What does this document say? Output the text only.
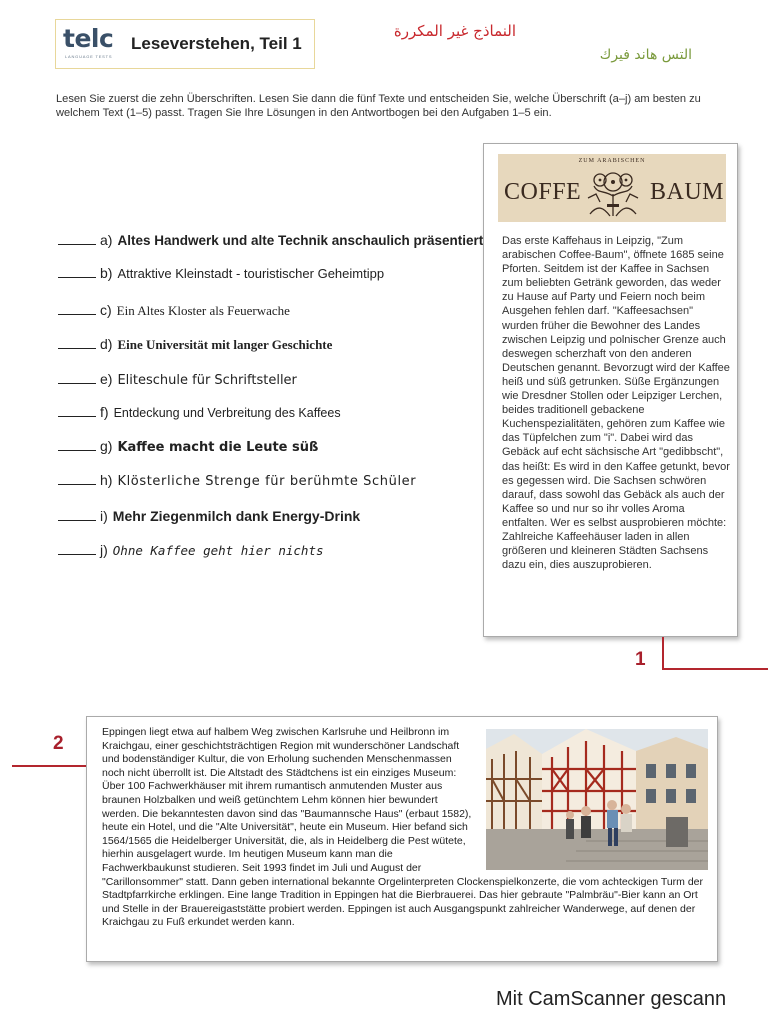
telc
LANGUAGE TESTS
Leseverstehen, Teil 1
النماذج غير المكررة
التس هاند فيرك

Lesen Sie zuerst die zehn Überschriften. Lesen Sie dann die fünf Texte und entscheiden Sie, welche Überschrift (a–j) am besten zu welchem Text (1–5) passt. Tragen Sie Ihre Lösungen in den Antwortbogen bei den Aufgaben 1–5 ein.

a) Altes Handwerk und alte Technik anschaulich präsentiert
b) Attraktive Kleinstadt - touristischer Geheimtipp
c) Ein Altes Kloster als Feuerwache
d) Eine Universität mit langer Geschichte
e) Eliteschule für Schriftsteller
f) Entdeckung und Verbreitung des Kaffees
g) Kaffee macht die Leute süß
h) Klösterliche Strenge für berühmte Schüler
i) Mehr Ziegenmilch dank Energy-Drink
j) Ohne Kaffee geht hier nichts
ZUM ARABISCHEN
COFFE	BAUM

Das erste Kaffehaus in Leipzig, "Zum arabischen Coffee-Baum", öffnete 1685 seine Pforten. Seitdem ist der Kaffee in Sachsen zum beliebten Getränk geworden, das weder zu Hause auf Party und Feiern noch beim Ausgehen fehlen darf. "Kaffeesachsen" wurden früher die Bewohner des Landes zwischen Leipzig und polnischer Grenze auch deswegen scherzhaft von den anderen Deutschen genannt. Bevorzugt wird der Kaffee heiß und süß getrunken. Süße Ergänzungen wie Dresdner Stollen oder Leipziger Lerchen, beides traditionell gebackene Kuchenspezialitäten, gehören zum Kaffee wie das Tüpfelchen zum "i". Dabei wird das Gebäck auf echt sächsische Art "gedibbscht", das heißt: Es wird in den Kaffee getunkt, bevor es gegessen wird. Die Sachsen schwören darauf, dass sowohl das Gebäck als auch der Kaffee so und nur so ihr volles Aroma entfalten. Wer es selbst ausprobieren möchte: Zahlreiche Kaffeehäuser laden in allen größeren und kleineren Städten Sachsens dazu ein, dies auszuprobieren.

1
2
Eppingen liegt etwa auf halbem Weg zwischen Karlsruhe und Heilbronn im Kraichgau, einer geschichtsträchtigen Region mit wunderschöner Landschaft und bodenständiger Kultur, die von Erholung suchenden Menschenmassen noch nicht überrollt ist. Die Altstadt des Städtchens ist ein einziges Museum: Über 100 Fachwerkhäuser mit ihrem rumantisch anmutenden Muster aus braunen Holzbalken und weiß getünchtem Lehm können hier bewundert werden. Die bekanntesten davon sind das "Baumannsche Haus" (erbaut 1582), heute ein Hotel, und die "Alte Universität", heute ein Museum. Hier befand sich 1564/1565 die Heidelberger Universität, die, als in Heidelberg die Pest wütete, hierhin ausgelagert wurde. Im heutigen Museum kann man die Fachwerkbaukunst studieren. Seit 1993 findet im Juli und August der "Carillonsommer" statt. Dann geben international bekannte Orgelinterpreten Clockenspielkonzerte, die vom achteckigen Turm der Stadtpfarrkirche erklingen. Eine lange Tradition in Eppingen hat die Bierbrauerei. Das hier gebraute "Palmbräu"-Bier kann an Ort und Stelle in der Brauereigaststätte probiert werden. Eppingen ist auch Ausgangspunkt zahlreicher Wanderwege, auf denen der Kraichgau zu Fuß erkundet werden kann.
Mit CamScanner gescann
